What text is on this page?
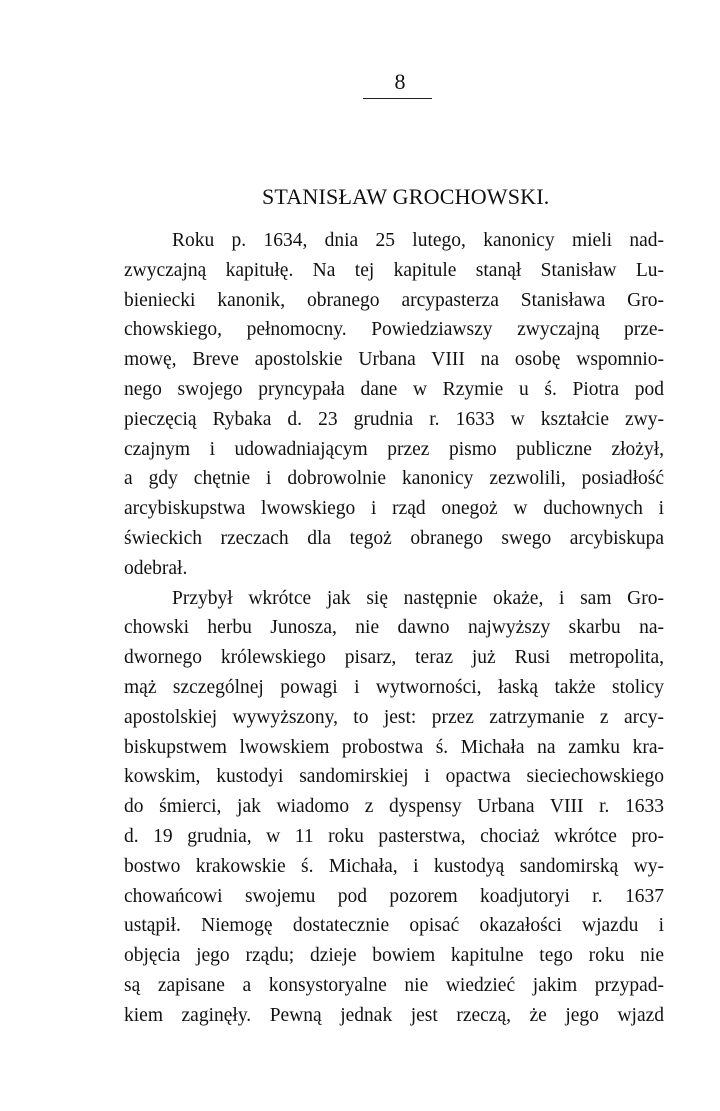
8
STANISŁAW GROCHOWSKI.
Roku p. 1634, dnia 25 lutego, kanonicy mieli nad-
zwyczajną kapitułę. Na tej kapitule stanął Stanisław Lu-
bieniecki kanonik, obranego arcypasterza Stanisława Gro-
chowskiego, pełnomocny. Powiedziawszy zwyczajną prze-
mowę, Breve apostolskie Urbana VIII na osobę wspomnio-
nego swojego pryncypała dane w Rzymie u ś. Piotra pod
pieczęcią Rybaka d. 23 grudnia r. 1633 w kształcie zwy-
czajnym i udowadniającym przez pismo publiczne złożył,
a gdy chętnie i dobrowolnie kanonicy zezwolili, posiadłość
arcybiskupstwa lwowskiego i rząd onegoż w duchownych i
świeckich rzeczach dla tegoż obranego swego arcybiskupa
odebrał.
Przybył wkrótce jak się następnie okaże, i sam Gro-
chowski herbu Junosza, nie dawno najwyższy skarbu na-
dwornego królewskiego pisarz, teraz już Rusi metropolita,
mąż szczególnej powagi i wytworności, łaską także stolicy
apostolskiej wywyższony, to jest: przez zatrzymanie z arcy-
biskupstwem lwowskiem probostwa ś. Michała na zamku kra-
kowskim, kustodyi sandomirskiej i opactwa sieciechowskiego
do śmierci, jak wiadomo z dyspensy Urbana VIII r. 1633
d. 19 grudnia, w 11 roku pasterstwa, chociaż wkrótce pro-
bostwo krakowskie ś. Michała, i kustodyą sandomirską wy-
chowańcowi swojemu pod pozorem koadjutoryi r. 1637
ustąpił. Niemogę dostatecznie opisać okazałości wjazdu i
objęcia jego rządu; dzieje bowiem kapitulne tego roku nie
są zapisane a konsystoryalne nie wiedzieć jakim przypad-
kiem zaginęły. Pewną jednak jest rzeczą, że jego wjazd
